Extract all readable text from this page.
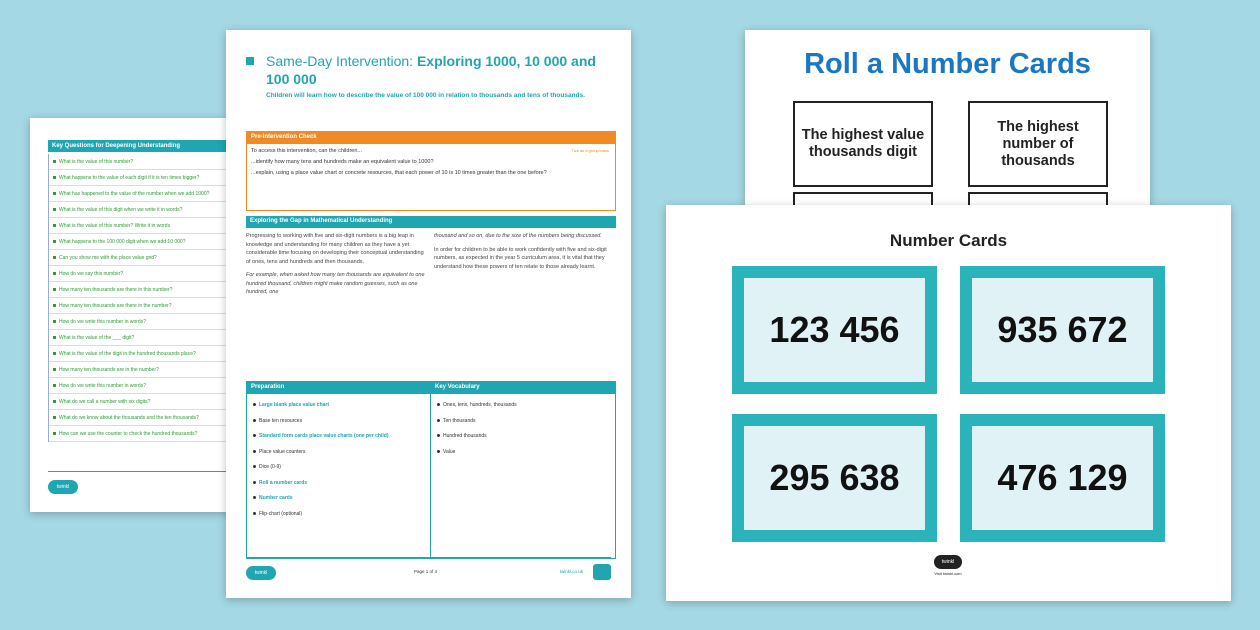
Key Questions for Deepening Understanding
What is the value of this number?
What happens to the value of each digit if it is ten times bigger?
What has happened to the value of the number when we add 1000?
What is the value of this digit when we write it in words?
What is the value of this number? Write it in words
What happens to the 100 000 digit when we add 10 000?
Can you show me with the place value grid?
How do we say this number?
How many ten thousands are there in this number?
How many ten thousands are there in the number?
How do we write this number in words?
What is the value of the ___ digit?
What is the value of the digit in the hundred thousands place?
How many ten thousands are in the number?
How do we write this number in words?
What do we call a number with six digits?
What do we know about the thousands and the ten thousands?
How can we use the counter to check the hundred thousands?
twinkl
Same-Day Intervention: Exploring 1000, 10 000 and 100 000
Children will learn how to describe the value of 100 000 in relation to thousands and tens of thousands.
Pre-Intervention Check
Tick as a group/class
To access this intervention, can the children...
...identify how many tens and hundreds make an equivalent value to 1000?
...explain, using a place value chart or concrete resources, that each power of 10 is 10 times greater than the one before?
Exploring the Gap in Mathematical Understanding
Progressing to working with five and six-digit numbers is a big leap in knowledge and understanding for many children as they have a yet considerable time focusing on developing their conceptual understanding of ones, tens and hundreds and then thousands.
For example, when asked how many ten thousands are equivalent to one hundred thousand, children might make random guesses, such as one hundred, one
thousand and so on, due to the size of the numbers being discussed.
In order for children to be able to work confidently with five and six-digit numbers, as expected in the year 5 curriculum area, it is vital that they understand how these powers of ten relate to those already learnt.
Preparation	Key Vocabulary
Large blank place value chart
Base ten resources
Standard form cards place value charts (one per child)
Place value counters
Dice (0-9)
Roll a number cards
Number cards
Flip-chart (optional)
Ones, tens, hundreds, thousands
Ten thousands
Hundred thousands
Value
twinkl	Page 1 of 4	twinkl.co.uk
Roll a Number Cards
The highest value thousands digit
The highest number of thousands
Number Cards
123 456	935 672
295 638	476 129
twinkl
Visit twinkl.com
